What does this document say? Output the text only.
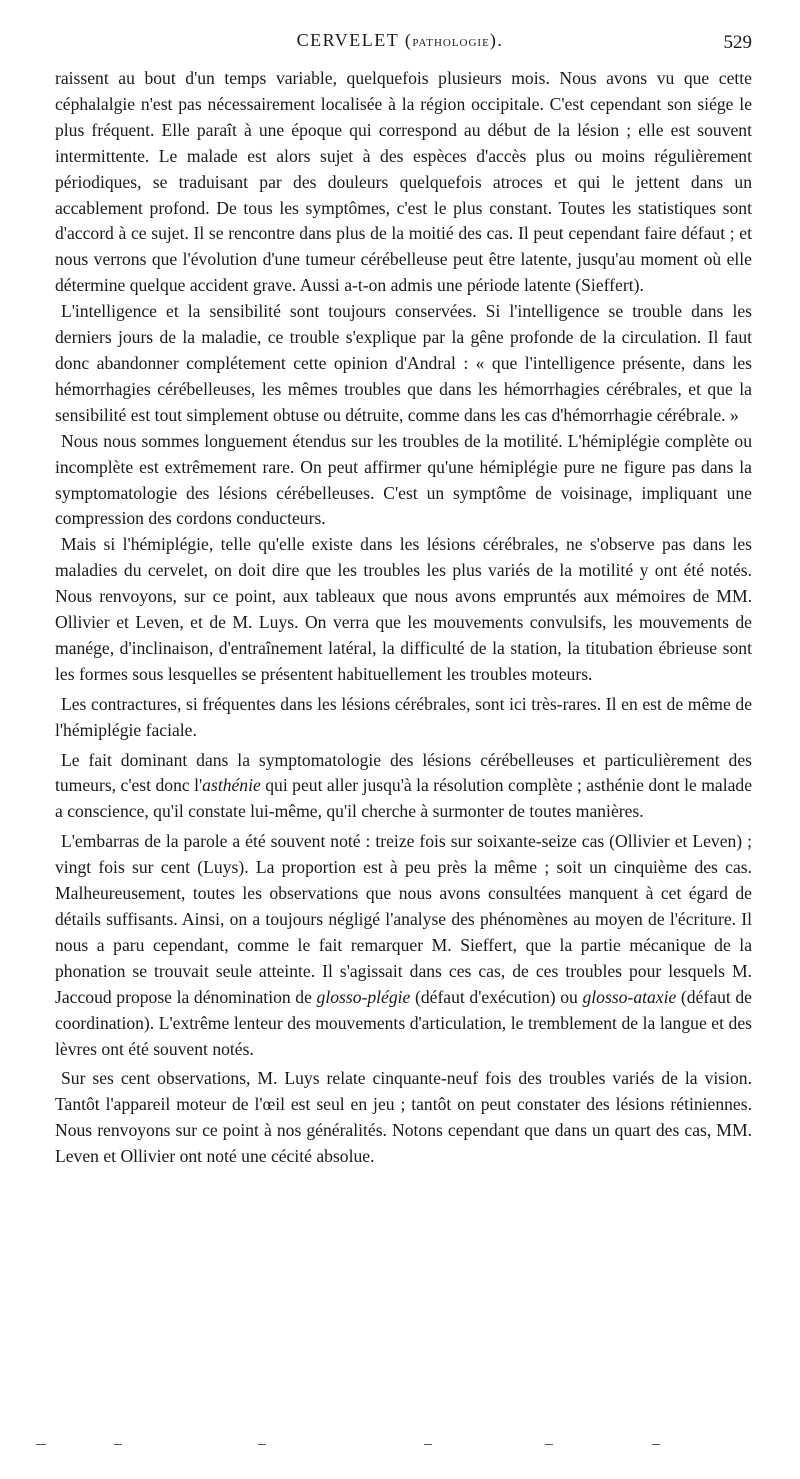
CERVELET (PATHOLOGIE).	529

raissent au bout d'un temps variable, quelquefois plusieurs mois. Nous avons vu que cette céphalalgie n'est pas nécessairement localisée à la région occipitale. C'est cependant son siége le plus fréquent. Elle paraît à une époque qui correspond au début de la lésion ; elle est souvent intermittente. Le malade est alors sujet à des espèces d'accès plus ou moins régulièrement périodiques, se traduisant par des douleurs quelquefois atroces et qui le jettent dans un accablement profond. De tous les symptômes, c'est le plus constant. Toutes les statistiques sont d'accord à ce sujet. Il se rencontre dans plus de la moitié des cas. Il peut cependant faire défaut ; et nous verrons que l'évolution d'une tumeur cérébelleuse peut être latente, jusqu'au moment où elle détermine quelque accident grave. Aussi a-t-on admis une période latente (Sieffert).

L'intelligence et la sensibilité sont toujours conservées. Si l'intelligence se trouble dans les derniers jours de la maladie, ce trouble s'explique par la gêne profonde de la circulation. Il faut donc abandonner complétement cette opinion d'Andral : « que l'intelligence présente, dans les hémorrhagies cérébelleuses, les mêmes troubles que dans les hémorrhagies cérébrales, et que la sensibilité est tout simplement obtuse ou détruite, comme dans les cas d'hémorrhagie cérébrale. »

Nous nous sommes longuement étendus sur les troubles de la motilité. L'hémiplégie complète ou incomplète est extrêmement rare. On peut affirmer qu'une hémiplégie pure ne figure pas dans la symptomatologie des lésions cérébelleuses. C'est un symptôme de voisinage, impliquant une compression des cordons conducteurs.

Mais si l'hémiplégie, telle qu'elle existe dans les lésions cérébrales, ne s'observe pas dans les maladies du cervelet, on doit dire que les troubles les plus variés de la motilité y ont été notés. Nous renvoyons, sur ce point, aux tableaux que nous avons empruntés aux mémoires de MM. Ollivier et Leven, et de M. Luys. On verra que les mouvements convulsifs, les mouvements de manége, d'inclinaison, d'entraînement latéral, la difficulté de la station, la titubation ébrieuse sont les formes sous lesquelles se présentent habituellement les troubles moteurs.

Les contractures, si fréquentes dans les lésions cérébrales, sont ici très-rares. Il en est de même de l'hémiplégie faciale.

Le fait dominant dans la symptomatologie des lésions cérébelleuses et particulièrement des tumeurs, c'est donc l'asthénie qui peut aller jusqu'à la résolution complète ; asthénie dont le malade a conscience, qu'il constate lui-même, qu'il cherche à surmonter de toutes manières.

L'embarras de la parole a été souvent noté : treize fois sur soixante-seize cas (Ollivier et Leven) ; vingt fois sur cent (Luys). La proportion est à peu près la même ; soit un cinquième des cas. Malheureusement, toutes les observations que nous avons consultées manquent à cet égard de détails suffisants. Ainsi, on a toujours négligé l'analyse des phénomènes au moyen de l'écriture. Il nous a paru cependant, comme le fait remarquer M. Sieffert, que la partie mécanique de la phonation se trouvait seule atteinte. Il s'agissait dans ces cas, de ces troubles pour lesquels M. Jaccoud propose la dénomination de glosso-plégie (défaut d'exécution) ou glosso-ataxie (défaut de coordination). L'extrême lenteur des mouvements d'articulation, le tremblement de la langue et des lèvres ont été souvent notés.

Sur ses cent observations, M. Luys relate cinquante-neuf fois des troubles variés de la vision. Tantôt l'appareil moteur de l'œil est seul en jeu ; tantôt on peut constater des lésions rétiniennes. Nous renvoyons sur ce point à nos généralités. Notons cependant que dans un quart des cas, MM. Leven et Ollivier ont noté une cécité absolue.
